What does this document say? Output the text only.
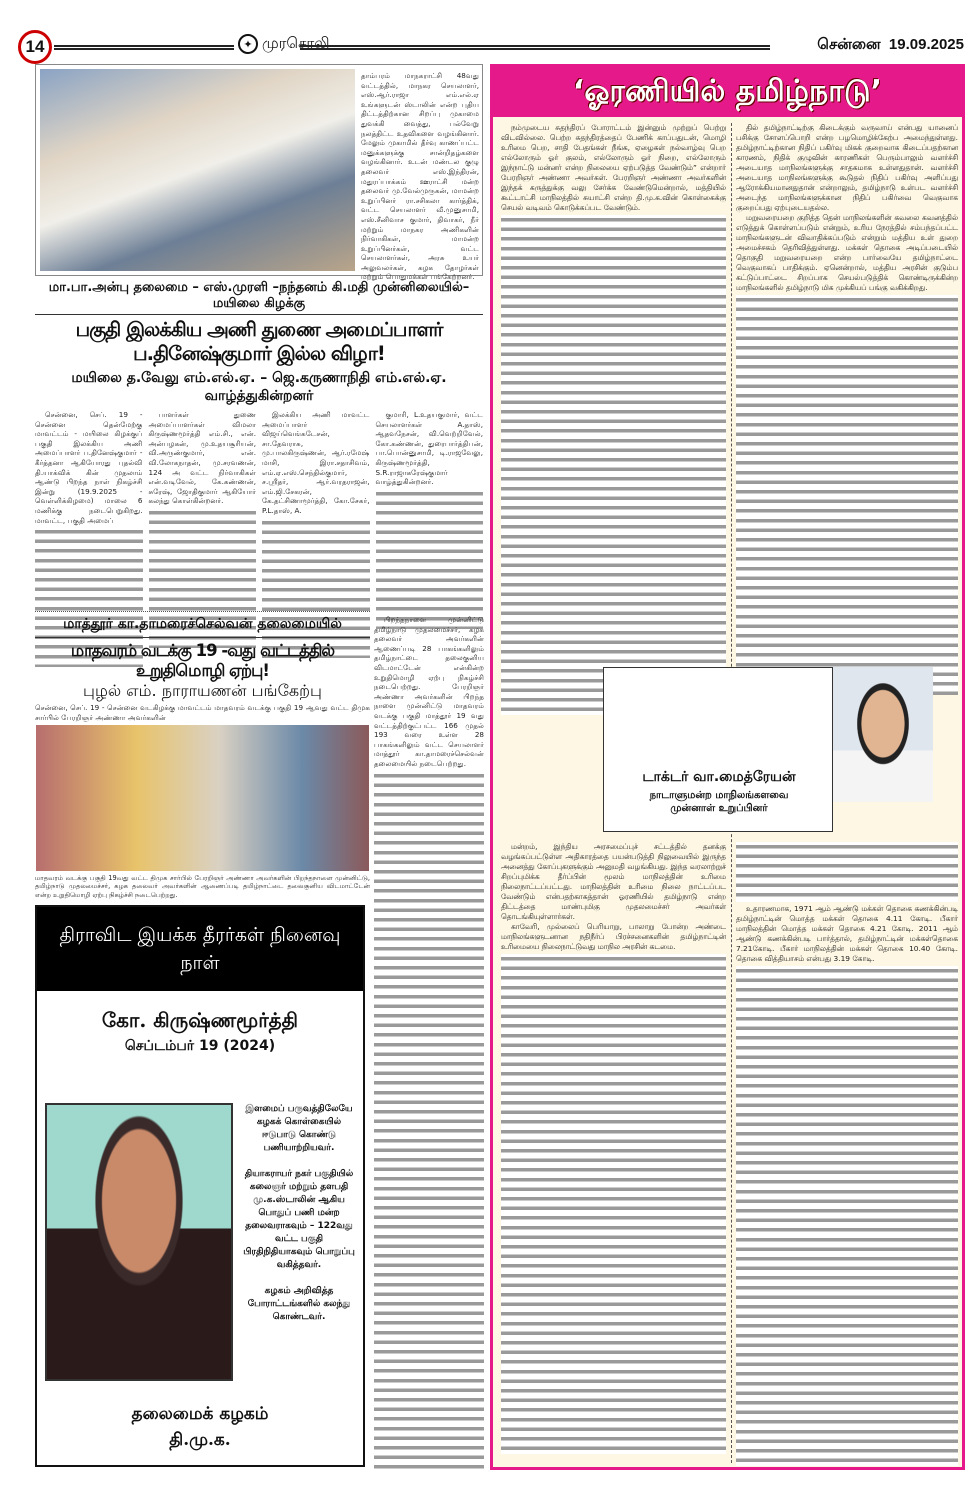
14	✦ முரசொலி	சென்னை 19.09.2025
தாம்பரம் மாநகராட்சி 48வது வட்டத்தில், மாநகர செயலாளர், எஸ்.ஆர்.ராஜா எம்.எல்.ஏ உங்களுடன் ஸ்டாலின் என்ற புதிய திட்டத்திற்கான சிறப்பு முகாமை துவக்கி வைத்து, பல்வேறு நலத்திட்ட உதவிகளை வழங்கினார். மேலும் முகாமில் தீர்வு காணப்பட்ட மனுக்களுக்கு சான்றிதழ்களை வழங்கினார். உடன் மண்டல குழு தலைவர் எஸ்.இந்திரன், மதுரப்பாக்கம் ஊராட்சி மன்ற தலைவர் மு.வேல்முருகன், மாமன்ற உறுப்பினர் ரா.சசிகலா கார்த்திக், வட்ட செயலாளர் வீ.முனுசாமி, எஸ்.சீனிவாச குமார், திவாகர், நீர் மற்றும் மாநகர அணிகளின் நிர்வாகிகள், மாமன்ற உறுப்பினர்கள், வட்ட செயலாளர்கள், அரசு உயர் அலுவலர்கள், கழக தோழர்கள் மற்றும் பொதுமக்கள் பங்கேற்றனர்.
மா.பா.அன்பு தலைமை – எஸ்.முரளி –நந்தனம் கி.மதி முன்னிலையில்– மயிலை கிழக்கு
பகுதி இலக்கிய அணி துணை அமைப்பாளர் ப.தினேஷ்குமார் இல்ல விழா!
மயிலை த.வேலு எம்.எல்.ஏ. – ஜெ.கருணாநிதி எம்.எல்.ஏ. வாழ்த்துகின்றனர்

சென்னை, செப். 19 - சென்னை தென்மேற்கு மாவட்டம் - மயிலை கிழக்குப் பகுதி இலக்கிய அணி அமைப்பாளர் ப.தினேஷ்குமார் - கீர்த்தனா ஆகியோரது புதல்வி தி.யாக்விக் கின் முதலாம் ஆண்டு பிறந்த நாள் நிகழ்ச்சி இன்று (19.9.2025 - வெள்ளிக்கிழமை) மாலை 6 மணிக்கு நடைபெறுகிறது. மாவட்ட, பகுதி அமைப்

பாளர்கள் துணை அமைப்பாளர்கள் விமலா கிருஷ்ணமூர்த்தி எம்.சி., என். அன்பழகன், மு.உதயசூரியன், வி.அருண்குமார், என். வி.லோகநாதன், மு.சரவணன், 124 அ வட்ட நிர்வாகிகள் என்.வடிவேல், கே.கண்ணன், சுரேஷ், ஜோதிகுமார் ஆகியோர் கலந்து கொள்கின்றனர்.

இலக்கிய அணி மாவட்ட அமைப்பாளர் விஜய்வெங்கடேசன், சா.தேவராசு, மு.பாலகிருஷ்ணன், ஆர்.ரமேஷ் மாசி, இரா.சதாசிவம், எம்.ஏ.எஸ்.செந்தில்குமார், ச.ஸ்ரீதர், ஆர்.வரதராஜன், எம்.ஜி.சேகரன், கே.தட்சிணாமூர்த்தி, கோ.சேகர், P.L.தாஸ், A.

குமாரி, L.உதயகுமார், வட்ட செயலாளர்கள் A.தாஸ், ஆதவநேசன், வி.வெற்றிவேல், கோ.கண்ணன், துரைபார்த்திபன், பா.பொன்னுசாமி, டி.ராஜவேலு, கிருஷ்ணமூர்த்தி, S.R.ராஜாகரேஷ்குமார் வாழ்த்துகின்றனர்.

மாத்தூர் கா.தாமரைச்செல்வன் தலைமையில்
மாதவரம் வடக்கு 19 -வது வட்டத்தில் உறுதிமொழி ஏற்பு!
புழல் எம். நாராயணன் பங்கேற்பு
சென்னை, செப். 19 - சென்னை வடகிழக்கு மாவட்டம் மாதவரம் வடக்கு பகுதி 19 ஆவது வட்ட திமுக சார்பில் பேரறிஞர் அண்ணா அவர்களின்
மாதவரம் வடக்கு பகுதி 19வது வட்ட திமுக சார்பில் பேரறிஞர் அண்ணா அவர்களின் பிறந்தநாளை முன்னிட்டு, தமிழ்நாடு முதலமைச்சர், கழக தலைவர் அவர்களின் ஆணைப்படி தமிழ்நாட்டை தலைகுனிய விடமாட்டேன் என்ற உறுதிமொழி ஏற்பு நிகழ்ச்சி நடைபெற்றது.

பிறந்தநாளை முன்னிட்டு தமிழ்நாடு முதலமைச்சர், கழக தலைவர் அவர்களின் ஆணைப்படி 28 பாகங்களிலும் தமிழ்நாட்டை தலைகுனிய விடமாட்டேன் என்கின்ற உறுதிமொழி ஏற்பு நிகழ்ச்சி நடைபெற்றது. பேரறிஞர் அண்ணா அவர்களின் பிறந்த நாளை முன்னிட்டு மாதவரம் வடக்கு பகுதி மாத்தூர் 19 வது வட்டத்திற்குட்பட்ட 166 முதல் 193 வரை உள்ள 28 பாகங்களிலும் வட்ட செயலாளர் மாத்தூர் கா.தாமரைச்செல்வன் தலைமையில் நடைபெற்றது.

திராவிட இயக்க தீரர்கள் நினைவு நாள்
கோ. கிருஷ்ணமூர்த்தி
செப்டம்பர் 19 (2024)

இளமைப் பருவத்திலேயே கழகக் கொள்கையில் ஈடுபாடு கொண்டு பணியாற்றியவர்.

தியாகராயர் நகர் பகுதியில் கலைஞர் மற்றும் தளபதி மு.க.ஸ்டாலின் ஆகிய பொதுப் பணி மன்ற தலைவராகவும் – 122வது வட்ட பகுதி பிரதிநிதியாகவும் பொறுப்பு வகித்தவர்.

கழகம் அறிவித்த போராட்டங்களில் கலந்து கொண்டவர்.

தலைமைக் கழகம்
தி.மு.க.
‘ஓரணியில் தமிழ்நாடு’

நம்முடைய சுதந்திரப் போராட்டம் இன்னும் முற்றுப் பெற்று விடவில்லை. பெற்ற சுதந்திரத்தைப் பேணிக் காப்பதுடன், மொழி உரிமை பெற, சாதி பேதங்கள் நீங்க, ஏழைகள் நல்வாழ்வு பெற எல்லோரும் ஓர் குலம், எல்லோரும் ஓர் நிறை, எல்லோரும் இந்நாட்டு மன்னர் என்ற நிலையை ஏற்படுத்த வேண்டும்” என்றார் பேரறிஞர் அண்ணா அவர்கள். பேரறிஞர் அண்ணா அவர்களின் இந்தக் கருத்துக்கு வலு சேர்க்க வேண்டுமென்றால், மத்தியில் கூட்டாட்சி மாநிலத்தில் சுயாட்சி என்ற தி.மு.க.வின் கொள்கைக்கு செயல் வடிவம் கொடுக்கப்பட வேண்டும்.

தில் தமிழ்நாட்டிற்கு கிடைக்கும் வருவாய் என்பது யானைப் பசிக்கு சோளப்பொறி என்ற பழமொழிக்கேற்ப அமைந்துள்ளது. தமிழ்நாட்டிற்கான நிதிப் பகிர்வு மிகக் குறைவாக கிடைப்பதற்கான காரணம், நிதிக் குழுவின் காரணிகள் பெரும்பாலும் வளர்ச்சி அடையாத மாநிலங்களுக்கு சாதகமாக உள்ளதுதான். வளர்ச்சி அடையாத மாநிலங்களுக்கு கூடுதல் நிதிப் பகிர்வு அளிப்பது ஆரோக்கியமானதுதான் என்றாலும், தமிழ்நாடு உள்பட வளர்ச்சி அடைந்த மாநிலங்களுக்கான நிதிப் பகிர்வை வெகுவாக குறைப்பது ஏற்புடையதல்ல.

மறுவரையறை குறித்த தென் மாநிலங்களின் கவலை கவனத்தில் எடுத்துக் கொள்ளப்படும் என்றும், உரிய நேரத்தில் சம்பந்தப்பட்ட மாநிலங்களுடன் விவாதிக்கப்படும் என்றும் மத்திய உள் துறை அமைச்சகம் தெரிவித்துள்ளது. மக்கள் தொகை அடிப்படையில் தொகுதி மறுவரையறை என்ற பார்வையே தமிழ்நாட்டை வெகுவாகப் பாதிக்கும். ஏனென்றால், மத்திய அரசின் குடும்ப கட்டுப்பாட்டை சிறப்பாக செயல்படுத்திக் கொண்டிருக்கின்ற மாநிலங்களில் தமிழ்நாடு மிக முக்கியப் பங்கு வகிக்கிறது.

டாக்டர் வா.மைத்ரேயன்
நாடாளுமன்ற மாநிலங்களவை
முன்னாள் உறுப்பினர்

மன்றம், இந்திய அரசமைப்புச் சட்டத்தில் தனக்கு வழங்கப்பட்டுள்ள அதிகாரத்தை பயன்படுத்தி நிலுவையில் இருந்த அனைத்து கோப்புகளுக்கும் அனுமதி வழங்கியது. இந்த வரலாற்றுச் சிறப்புமிக்க தீர்ப்பின் மூலம் மாநிலத்தின் உரிமை நிலைநாட்டப்பட்டது. மாநிலத்தின் உரிமை நிலை நாட்டப்பட வேண்டும் என்பதற்காகத்தான் ஓரணியில் தமிழ்நாடு என்ற திட்டத்தை மாண்புமிகு முதலமைச்சர் அவர்கள் தொடங்கியுள்ளார்கள்.

காவேரி, முல்லைப் பெரியாறு, பாலாறு போன்ற அண்டை மாநிலங்களுடனான நதிநீர்ப் பிரச்சனைகளின் தமிழ்நாட்டின் உரிமையை நிலைநாட்டுவது மாநில அரசின் கடமை.

உதாரணமாக, 1971 ஆம் ஆண்டு மக்கள் தொகை கணக்கின்படி தமிழ்நாட்டின் மொத்த மக்கள் தொகை 4.11 கோடி. பீகார் மாநிலத்தின் மொத்த மக்கள் தொகை 4.21 கோடி. 2011 ஆம் ஆண்டு கணக்கின்படி பார்த்தால், தமிழ்நாட்டின் மக்கள்தொகை 7.21கோடி. பீகார் மாநிலத்தின் மக்கள் தொகை 10.40 கோடி. தொகை வித்தியாசம் என்பது 3.19 கோடி.
